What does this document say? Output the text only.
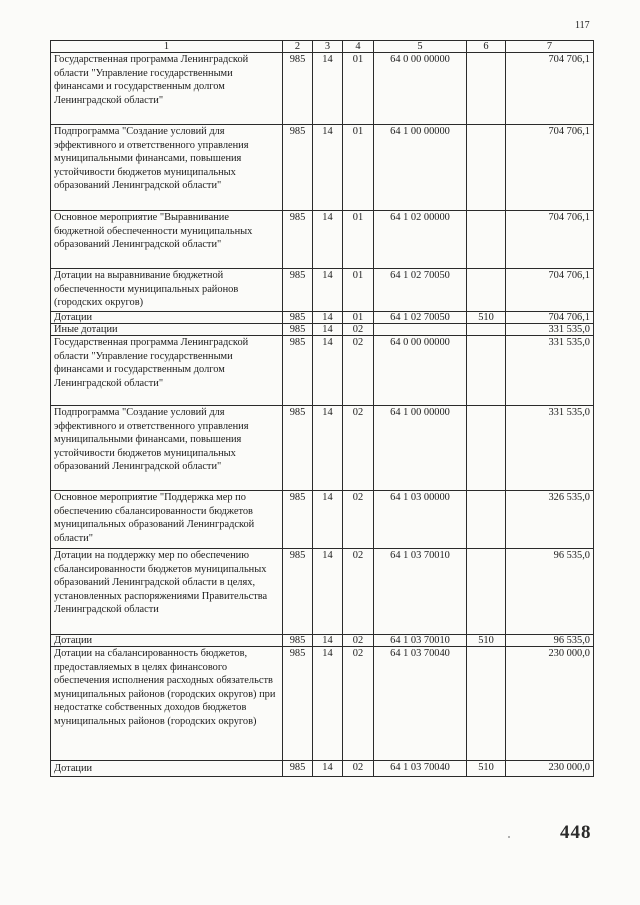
117
1	2	3	4	5	6	7
Государственная программа Ленинградской области "Управление государственными финансами и государственным долгом Ленинградской области"	985	14	01	64 0 00 00000		704 706,1
Подпрограмма "Создание условий для эффективного и ответственного управления муниципальными финансами, повышения устойчивости бюджетов муниципальных образований Ленинградской области"	985	14	01	64 1 00 00000		704 706,1
Основное мероприятие "Выравнивание бюджетной обеспеченности муниципальных образований Ленинградской области"	985	14	01	64 1 02 00000		704 706,1
Дотации на выравнивание бюджетной обеспеченности муниципальных районов (городских округов)	985	14	01	64 1 02 70050		704 706,1
Дотации	985	14	01	64 1 02 70050	510	704 706,1
Иные дотации	985	14	02			331 535,0
Государственная программа Ленинградской области "Управление государственными финансами и государственным долгом Ленинградской области"	985	14	02	64 0 00 00000		331 535,0
Подпрограмма "Создание условий для эффективного и ответственного управления муниципальными финансами, повышения устойчивости бюджетов муниципальных образований Ленинградской области"	985	14	02	64 1 00 00000		331 535,0
Основное мероприятие "Поддержка мер по обеспечению сбалансированности бюджетов муниципальных образований Ленинградской области"	985	14	02	64 1 03 00000		326 535,0
Дотации на поддержку мер по обеспечению сбалансированности бюджетов муниципальных образований Ленинградской области в целях, установленных распоряжениями Правительства Ленинградской области	985	14	02	64 1 03 70010		96 535,0
Дотации	985	14	02	64 1 03 70010	510	96 535,0
Дотации на сбалансированность бюджетов, предоставляемых в целях финансового обеспечения исполнения расходных обязательств муниципальных районов (городских округов) при недостатке собственных доходов бюджетов муниципальных районов (городских округов)	985	14	02	64 1 03 70040		230 000,0
Дотации	985	14	02	64 1 03 70040	510	230 000,0
448
